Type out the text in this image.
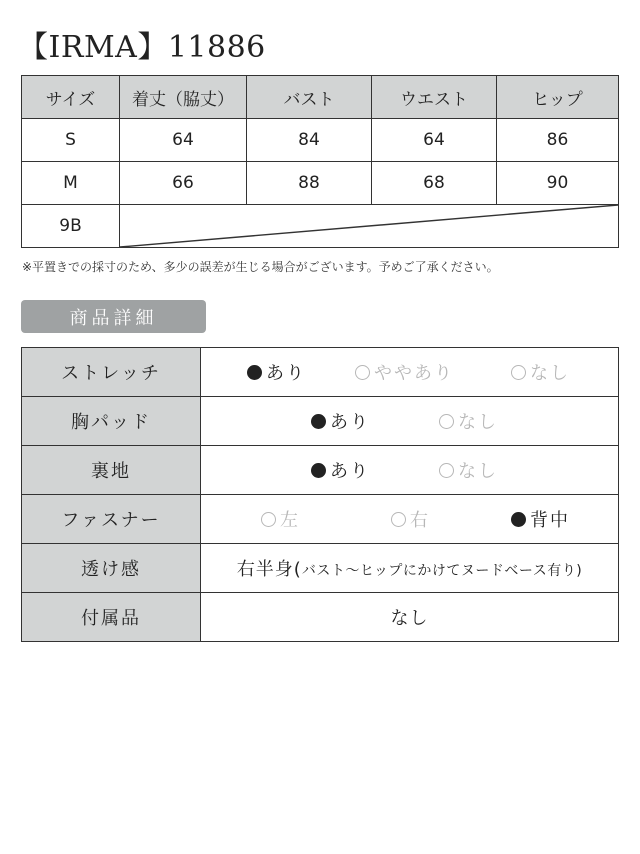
【IRMA】11886
サイズ	着丈（脇丈）	バスト	ウエスト	ヒップ
S	64	84	64	86
M	66	88	68	90
9B	
※平置きでの採寸のため、多少の誤差が生じる場合がございます。予めご了承ください。
商品詳細
ストレッチ	あり ややあり なし

胸パッド	あり なし

裏地	あり なし

ファスナー	左 右 背中

透け感	右半身(バスト〜ヒップにかけてヌードベース有り)
付属品	なし
